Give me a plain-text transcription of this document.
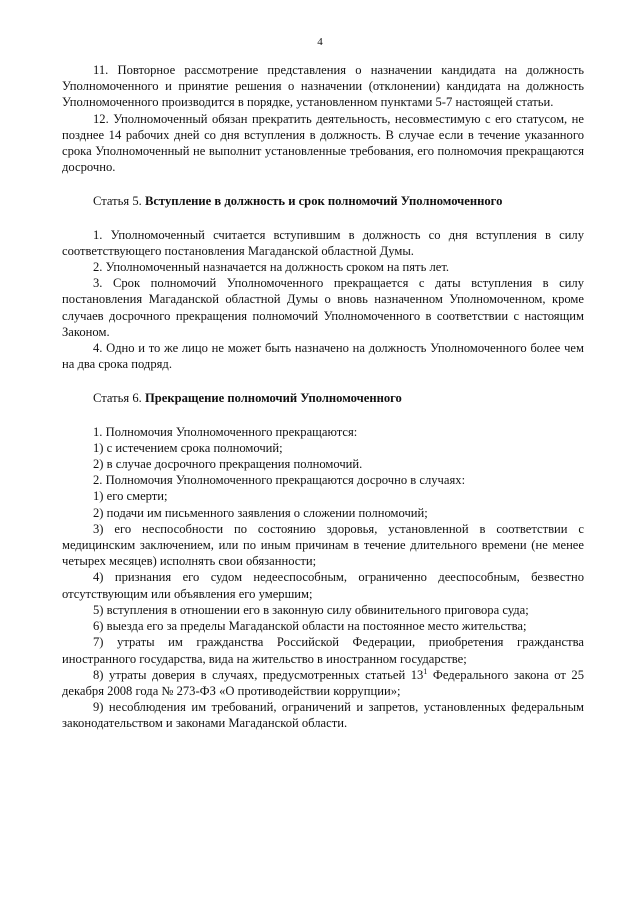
4

11. Повторное рассмотрение представления о назначении кандидата на должность Уполномоченного и принятие решения о назначении (отклонении) кандидата на должность Уполномоченного производится в порядке, установленном пунктами 5-7 настоящей статьи.

12. Уполномоченный обязан прекратить деятельность, несовместимую с его статусом, не позднее 14 рабочих дней со дня вступления в должность. В случае если в течение указанного срока Уполномоченный не выполнит установленные требования, его полномочия прекращаются досрочно.

Статья 5. Вступление в должность и срок полномочий Уполномоченного

1. Уполномоченный считается вступившим в должность со дня вступления в силу соответствующего постановления Магаданской областной Думы.

2. Уполномоченный назначается на должность сроком на пять лет.

3. Срок полномочий Уполномоченного прекращается с даты вступления в силу постановления Магаданской областной Думы о вновь назначенном Уполномоченном, кроме случаев досрочного прекращения полномочий Уполномоченного в соответствии с настоящим Законом.

4. Одно и то же лицо не может быть назначено на должность Уполномоченного более чем на два срока подряд.

Статья 6. Прекращение полномочий Уполномоченного

1. Полномочия Уполномоченного прекращаются:

1) с истечением срока полномочий;

2) в случае досрочного прекращения полномочий.

2. Полномочия Уполномоченного прекращаются досрочно в случаях:

1) его смерти;

2) подачи им письменного заявления о сложении полномочий;

3) его неспособности по состоянию здоровья, установленной в соответствии с медицинским заключением, или по иным причинам в течение длительного времени (не менее четырех месяцев) исполнять свои обязанности;

4) признания его судом недееспособным, ограниченно дееспособным, безвестно отсутствующим или объявления его умершим;

5) вступления в отношении его в законную силу обвинительного приговора суда;

6) выезда его за пределы Магаданской области на постоянное место жительства;

7) утраты им гражданства Российской Федерации, приобретения гражданства иностранного государства, вида на жительство в иностранном государстве;

8) утраты доверия в случаях, предусмотренных статьей $13^1$ Федерального закона от 25 декабря 2008 года № 273-ФЗ «О противодействии коррупции»;

9) несоблюдения им требований, ограничений и запретов, установленных федеральным законодательством и законами Магаданской области.
